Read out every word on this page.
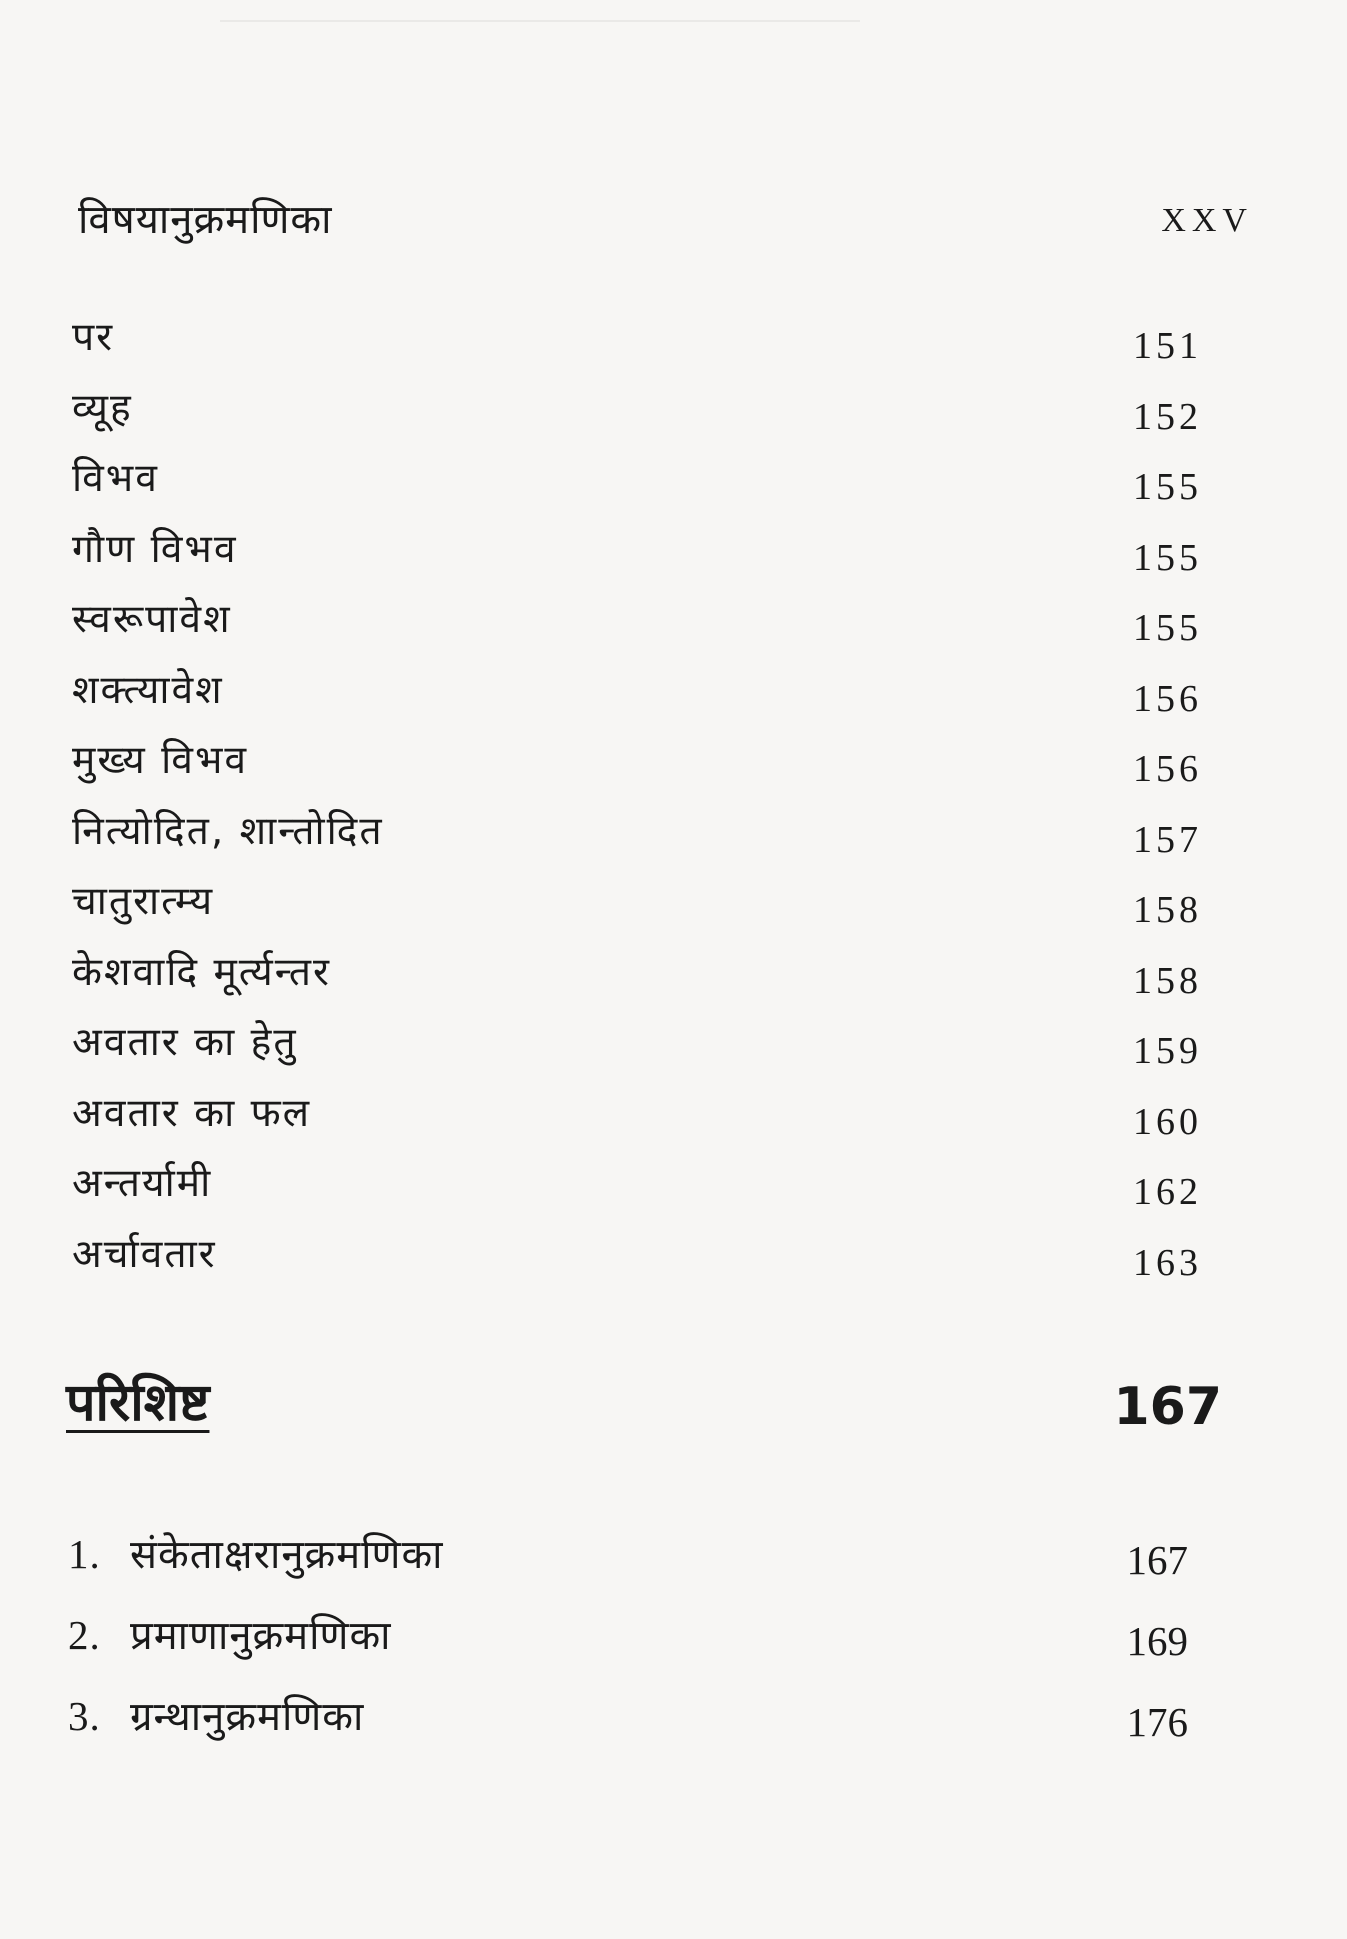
विषयानुक्रमणिका	XXV
पर	151
व्यूह	152
विभव	155
गौण विभव	155
स्वरूपावेश	155
शक्त्यावेश	156
मुख्य विभव	156
नित्योदित, शान्तोदित	157
चातुरात्म्य	158
केशवादि मूर्त्यन्तर	158
अवतार का हेतु	159
अवतार का फल	160
अन्तर्यामी	162
अर्चावतार	163
परिशिष्ट	167
1. संकेताक्षरानुक्रमणिका	167
2. प्रमाणानुक्रमणिका	169
3. ग्रन्थानुक्रमणिका	176
